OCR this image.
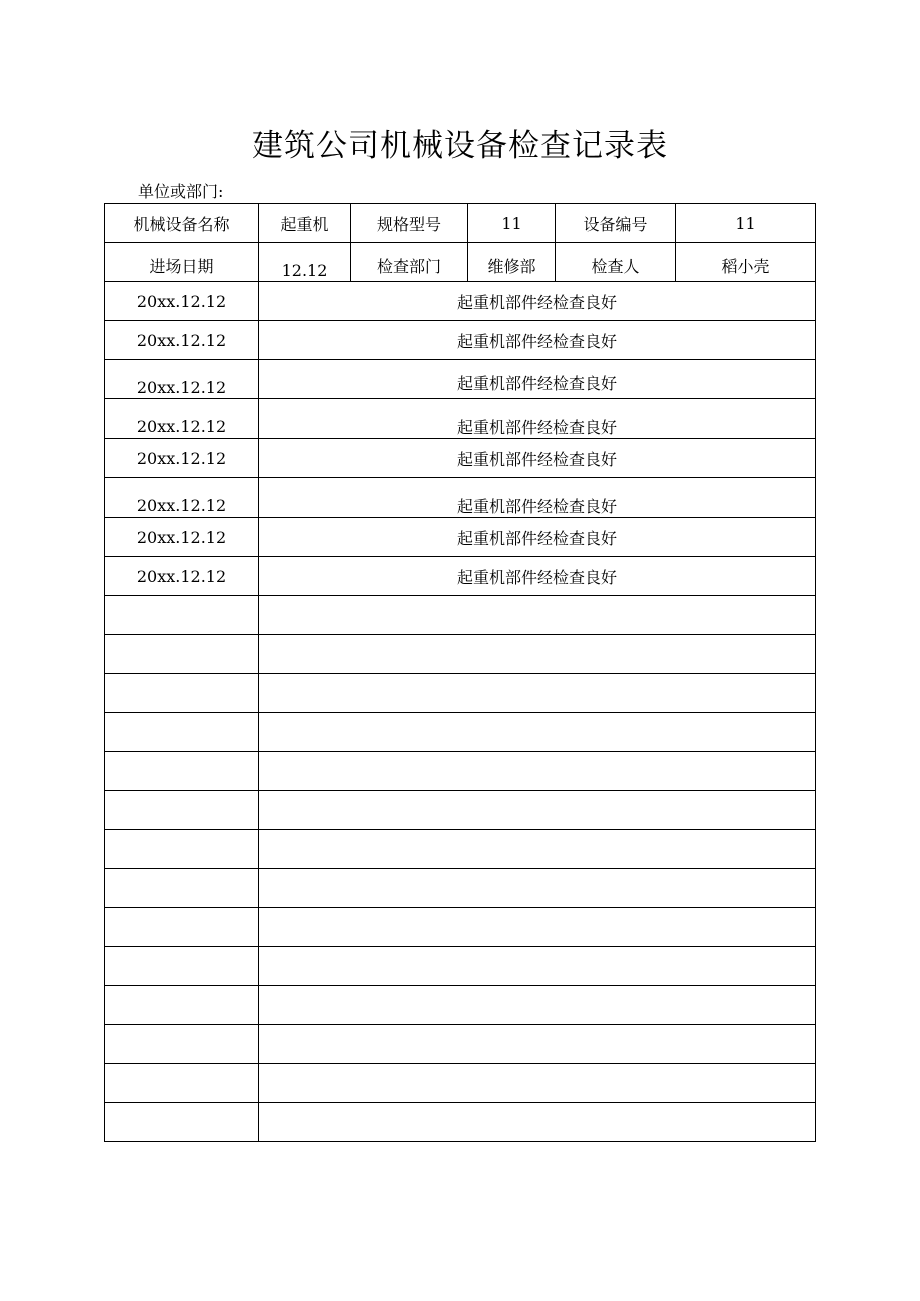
建筑公司机械设备检查记录表
单位或部门:
机械设备名称	起重机	规格型号	11	设备编号	11
进场日期	12.12	检查部门	维修部	检查人	稻小壳
20xx.12.12	起重机部件经检查良好				
20xx.12.12	起重机部件经检查良好				
20xx.12.12	起重机部件经检查良好				
20xx.12.12	起重机部件经检查良好				
20xx.12.12	起重机部件经检查良好				
20xx.12.12	起重机部件经检查良好				
20xx.12.12	起重机部件经检查良好				
20xx.12.12	起重机部件经检查良好				
